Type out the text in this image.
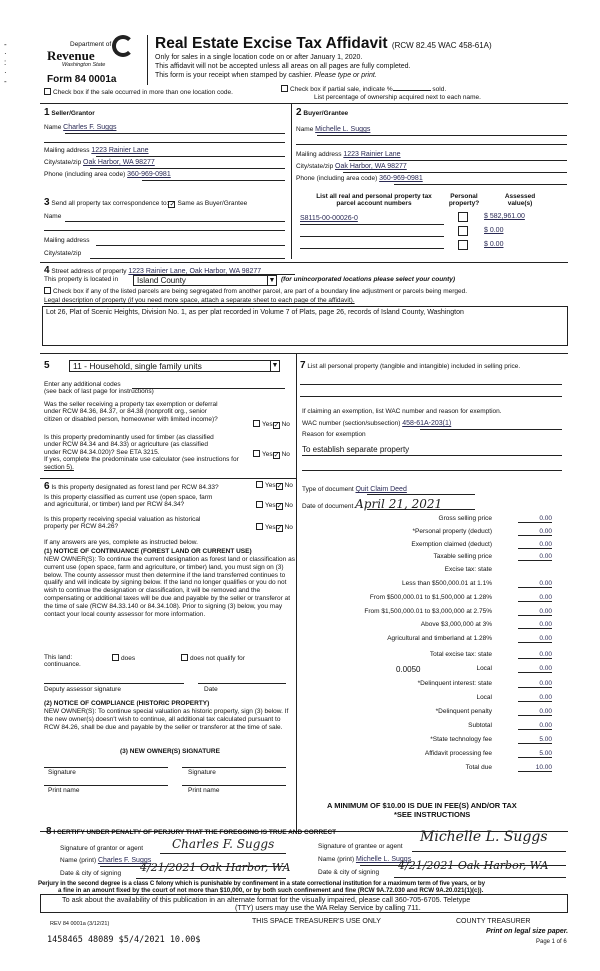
-
·
:
·
-
Department of
Revenue
Washington State
Form 84 0001a
Real Estate Excise Tax Affidavit (RCW 82.45 WAC 458-61A)
Only for sales in a single location code on or after January 1, 2020.
This affidavit will not be accepted unless all areas on all pages are fully completed.
This form is your receipt when stamped by cashier. Please type or print.
Check box if the sale occurred in more than one location code.	Check box if partial sale, indicate %	sold.
List percentage of ownership acquired next to each name.
1 Seller/Grantor
Name Charles F. Suggs
Mailing address 1223 Rainier Lane
City/state/zip Oak Harbor, WA 98277
Phone (including area code) 360-969-0981
2 Buyer/Grantee
Name Michelle L. Suggs
Mailing address 1223 Rainier Lane
City/state/zip Oak Harbor, WA 98277
Phone (including area code) 360-969-0981
3 Send all property tax correspondence to:✓ Same as Buyer/Grantee
Name
Mailing address
City/state/zip
List all real and personal property tax
parcel account numbers
Personal
property?
Assessed
value(s)
S8115-00-00026-0	$ 582,961.00
$ 0.00
$ 0.00
4 Street address of property 1223 Rainier Lane, Oak Harbor, WA 98277
This property is located in	Island County	▼ (for unincorporated locations please select your county)
Check box if any of the listed parcels are being segregated from another parcel, are part of a boundary line adjustment or parcels being merged.
Legal description of property (if you need more space, attach a separate sheet to each page of the affidavit).
Lot 26, Plat of Scenic Heights, Division No. 1, as per plat recorded in Volume 7 of Plats, page 26, records of Island County, Washington
5	11 - Household, single family units	▼
Enter any additional codes
(see back of last page for instructions)
Was the seller receiving a property tax exemption or deferral
under RCW 84.36, 84.37, or 84.38 (nonprofit org., senior
citizen or disabled person, homeowner with limited income)?
Yes✓ No
Is this property predominantly used for timber (as classified
under RCW 84.34 and 84.33) or agriculture (as classified
under RCW 84.34.020)? See ETA 3215.
If yes, complete the predominate use calculator (see instructions for
section 5).
Yes✓ No
6 Is this property designated as forest land per RCW 84.33?	Yes✓ No
Is this property classified as current use (open space, farm
and agricultural, or timber) land per RCW 84.34?	Yes✓ No
Is this property receiving special valuation as historical
property per RCW 84.26?	Yes✓ No
If any answers are yes, complete as instructed below.
(1) NOTICE OF CONTINUANCE (FOREST LAND OR CURRENT USE)
NEW OWNER(S): To continue the current designation as forest land or classification as current use (open space, farm and agriculture, or timber) land, you must sign on (3) below. The county assessor must then determine if the land transferred continues to qualify and will indicate by signing below. If the land no longer qualifies or you do not wish to continue the designation or classification, it will be removed and the compensating or additional taxes will be due and payable by the seller or transferor at the time of sale (RCW 84.33.140 or 84.34.108). Prior to signing (3) below, you may contact your local county assessor for more information.
This land:
continuance.
does	does not qualify for
Deputy assessor signature	Date
(2) NOTICE OF COMPLIANCE (HISTORIC PROPERTY)
NEW OWNER(S): To continue special valuation as historic property, sign (3) below. If the new owner(s) doesn't wish to continue, all additional tax calculated pursuant to RCW 84.26, shall be due and payable by the seller or transferor at the time of sale.
(3) NEW OWNER(S) SIGNATURE
Signature	Signature
Print name	Print name
7 List all personal property (tangible and intangible) included in selling price.
If claiming an exemption, list WAC number and reason for exemption.
WAC number (section/subsection) 458-61A-203(1)
Reason for exemption
To establish separate property
Type of document Quit Claim Deed
Date of document April 21, 2021
Gross selling price	0.00
*Personal property (deduct)	0.00
Exemption claimed (deduct)	0.00
Taxable selling price	0.00
Excise tax: state
Less than $500,000.01 at 1.1%	0.00
From $500,000.01 to $1,500,000 at 1.28%	0.00
From $1,500,000.01 to $3,000,000 at 2.75%	0.00
Above $3,000,000 at 3%	0.00
Agricultural and timberland at 1.28%	0.00
Total excise tax: state	0.00
Local	0.00
*Delinquent interest: state	0.00
Local	0.00
*Delinquent penalty	0.00
Subtotal	0.00
*State technology fee	5.00
Affidavit processing fee	5.00
Total due	10.00
0.0050
A MINIMUM OF $10.00 IS DUE IN FEE(S) AND/OR TAX
*SEE INSTRUCTIONS
8 I CERTIFY UNDER PENALTY OF PERJURY THAT THE FOREGOING IS TRUE AND CORRECT
Signature of grantor or agent Charles F. Suggs
Name (print) Charles F. Suggs
Date & city of signing 4/21/2021 Oak Harbor, WA
Signature of grantee or agent
Michelle L. Suggs
Name (print) Michelle L. Suggs
Date & city of signing
4/21/2021 Oak Harbor, WA
Perjury in the second degree is a class C felony which is punishable by confinement in a state correctional institution for a maximum term of five years, or by
a fine in an amount fixed by the court of not more than $10,000, or by both such confinement and fine (RCW 9A.72.030 and RCW 9A.20.021(1)(c)).
To ask about the availability of this publication in an alternate format for the visually impaired, please call 360-705-6705. Teletype
(TTY) users may use the WA Relay Service by calling 711.
REV 84 0001a (3/12/21)	THIS SPACE TREASURER'S USE ONLY	COUNTY TREASURER
Print on legal size paper.
Page 1 of 6
1458465 48089 $5/4/2021 10.00$
